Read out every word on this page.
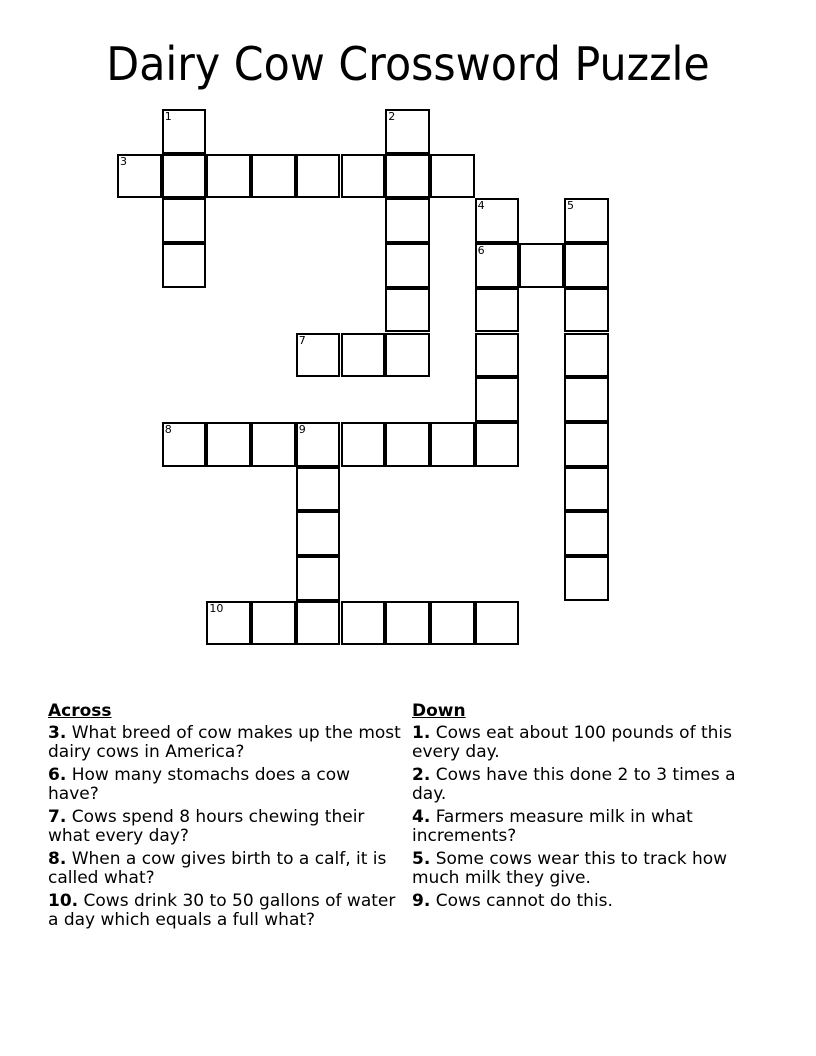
Dairy Cow Crossword Puzzle
1	2
3
4
6
5
7
8	9
10
Across
3. What breed of cow makes up the most dairy cows in America?
6. How many stomachs does a cow have?
7. Cows spend 8 hours chewing their what every day?
8. When a cow gives birth to a calf, it is called what?
10. Cows drink 30 to 50 gallons of water a day which equals a full what?
Down
1. Cows eat about 100 pounds of this every day.
2. Cows have this done 2 to 3 times a day.
4. Farmers measure milk in what increments?
5. Some cows wear this to track how much milk they give.
9. Cows cannot do this.
